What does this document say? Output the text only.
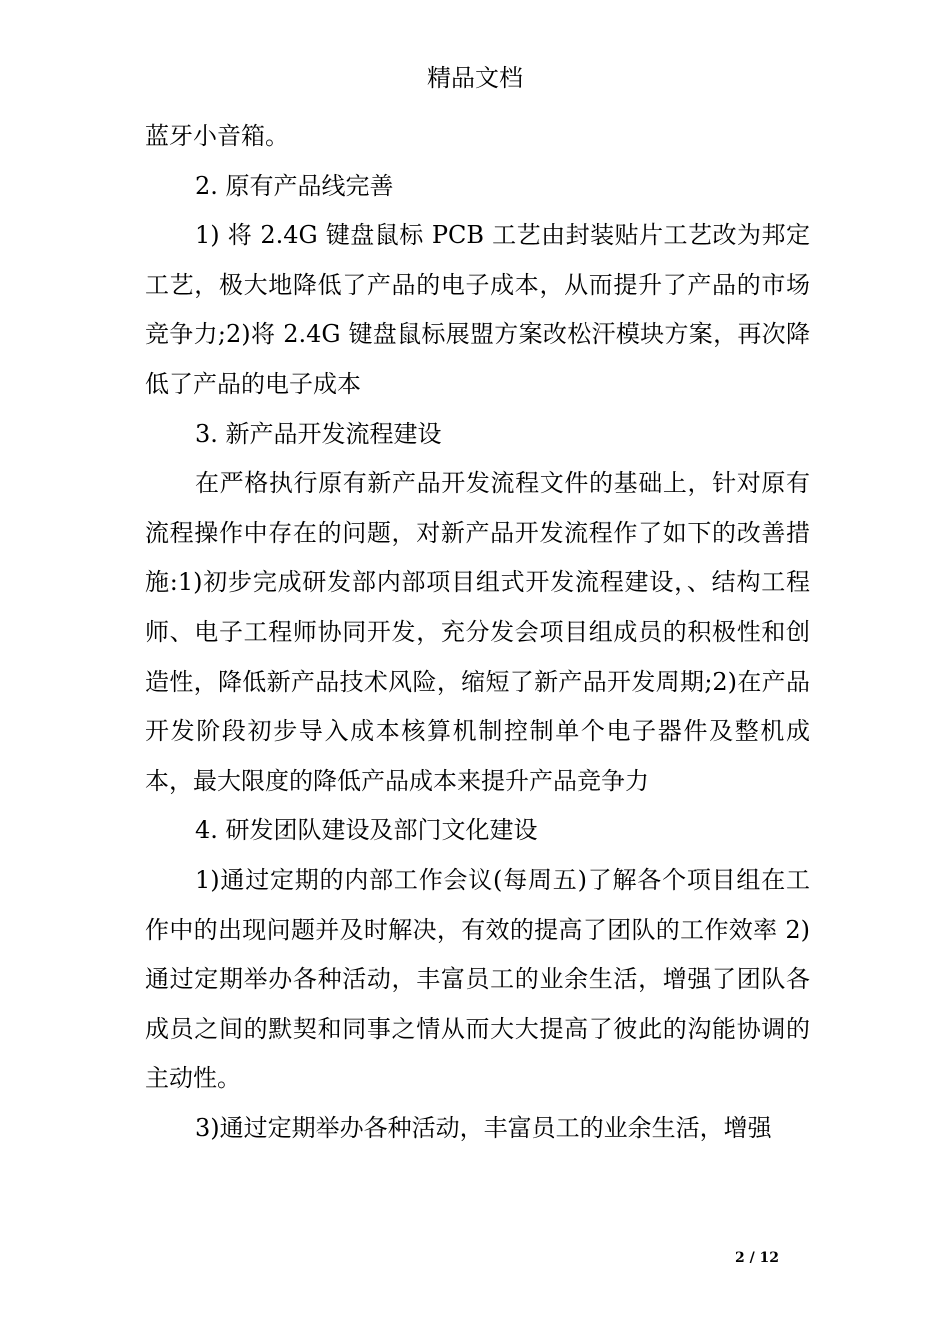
精品文档

蓝牙小音箱。

2. 原有产品线完善

1) 将 2.4G 键盘鼠标 PCB 工艺由封装贴片工艺改为邦定工艺，极大地降低了产品的电子成本，从而提升了产品的市场竞争力;2)将 2.4G 键盘鼠标展盟方案改松汗模块方案，再次降低了产品的电子成本

3. 新产品开发流程建设

在严格执行原有新产品开发流程文件的基础上，针对原有流程操作中存在的问题，对新产品开发流程作了如下的改善措施:1)初步完成研发部内部项目组式开发流程建设，、结构工程师、电子工程师协同开发，充分发会项目组成员的积极性和创造性，降低新产品技术风险，缩短了新产品开发周期;2)在产品开发阶段初步导入成本核算机制控制单个电子器件及整机成本，最大限度的降低产品成本来提升产品竞争力

4. 研发团队建设及部门文化建设

1)通过定期的内部工作会议(每周五)了解各个项目组在工作中的出现问题并及时解决，有效的提高了团队的工作效率 2)通过定期举办各种活动，丰富员工的业余生活，增强了团队各成员之间的默契和同事之情从而大大提高了彼此的沟能协调的主动性。

3)通过定期举办各种活动，丰富员工的业余生活，增强

2 / 12
